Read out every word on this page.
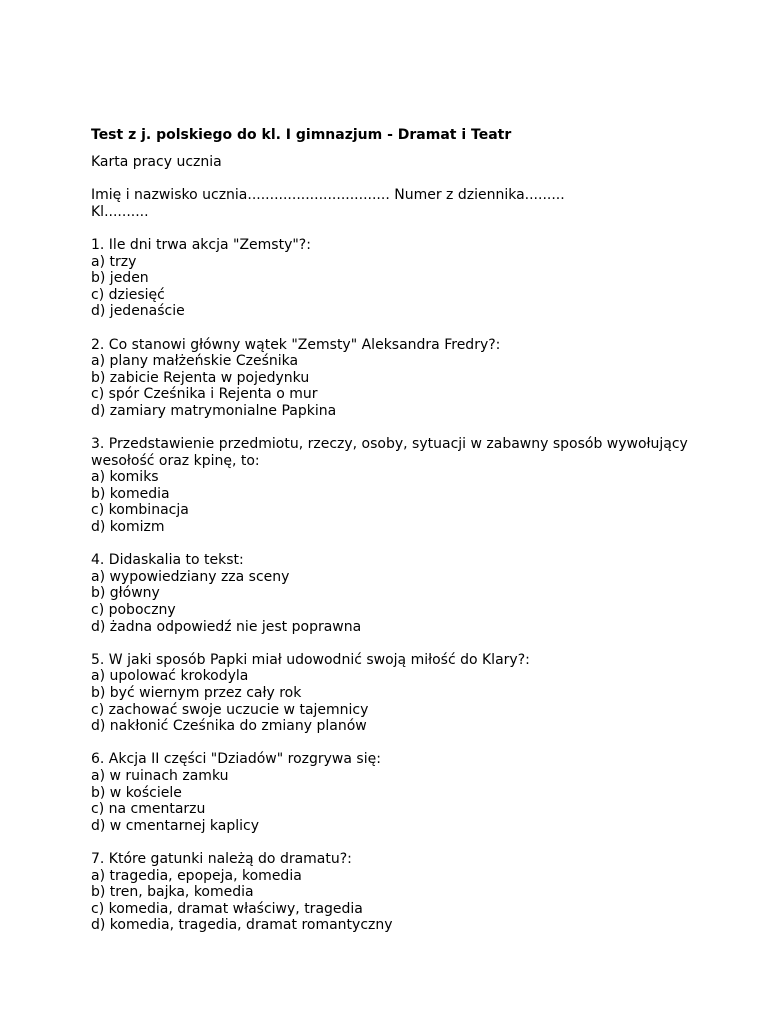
Test z j. polskiego do kl. I gimnazjum - Dramat i Teatr
Karta pracy ucznia
Imię i nazwisko ucznia................................ Numer z dziennika.........
Kl..........
1. Ile dni trwa akcja "Zemsty"?:
a) trzy
b) jeden
c) dziesięć
d) jedenaście
2. Co stanowi główny wątek "Zemsty" Aleksandra Fredry?:
a) plany małżeńskie Cześnika
b) zabicie Rejenta w pojedynku
c) spór Cześnika i Rejenta o mur
d) zamiary matrymonialne Papkina
3. Przedstawienie przedmiotu, rzeczy, osoby, sytuacji w zabawny sposób wywołujący wesołość oraz kpinę, to:
a) komiks
b) komedia
c) kombinacja
d) komizm
4. Didaskalia to tekst:
a) wypowiedziany zza sceny
b) główny
c) poboczny
d) żadna odpowiedź nie jest poprawna
5. W jaki sposób Papki miał udowodnić swoją miłość do Klary?:
a) upolować krokodyla
b) być wiernym przez cały rok
c) zachować swoje uczucie w tajemnicy
d) nakłonić Cześnika do zmiany planów
6. Akcja II części "Dziadów" rozgrywa się:
a) w ruinach zamku
b) w kościele
c) na cmentarzu
d) w cmentarnej kaplicy
7. Które gatunki należą do dramatu?:
a) tragedia, epopeja, komedia
b) tren, bajka, komedia
c) komedia, dramat właściwy, tragedia
d) komedia, tragedia, dramat romantyczny
